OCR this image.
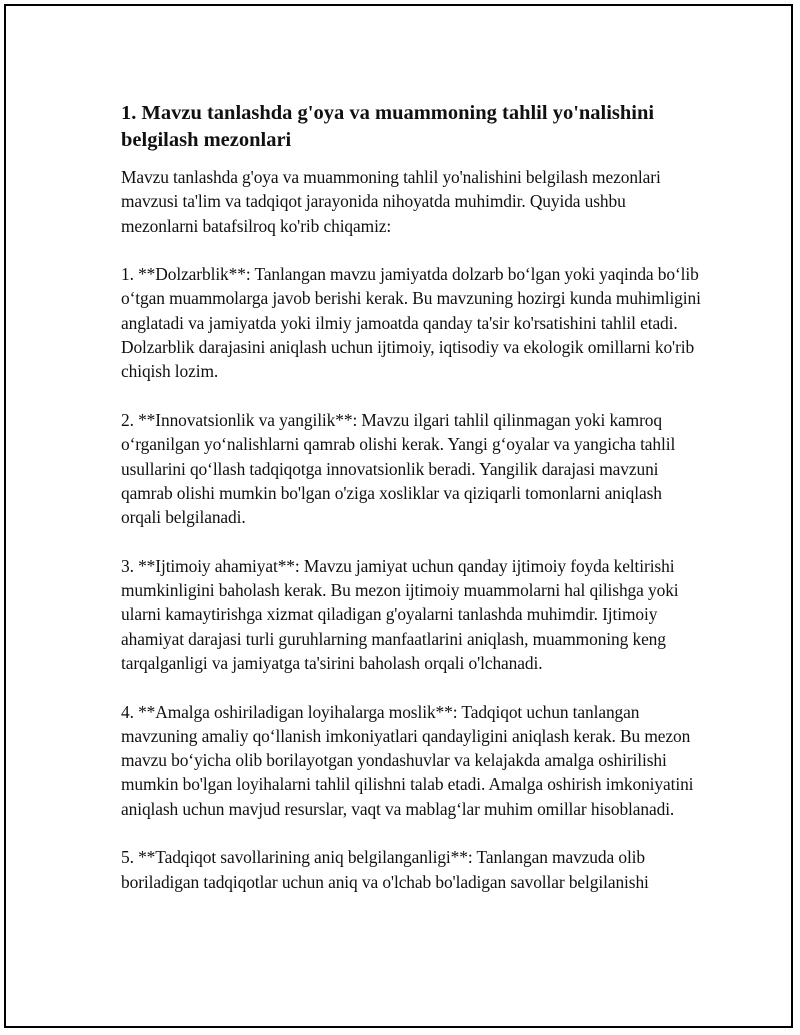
1. Mavzu tanlashda g'oya va muammoning tahlil yo'nalishini belgilash mezonlari

Mavzu tanlashda g'oya va muammoning tahlil yo'nalishini belgilash mezonlari mavzusi ta'lim va tadqiqot jarayonida nihoyatda muhimdir. Quyida ushbu mezonlarni batafsilroq ko'rib chiqamiz:

1. **Dolzarblik**: Tanlangan mavzu jamiyatda dolzarb bo‘lgan yoki yaqinda bo‘lib o‘tgan muammolarga javob berishi kerak. Bu mavzuning hozirgi kunda muhimligini anglatadi va jamiyatda yoki ilmiy jamoatda qanday ta'sir ko'rsatishini tahlil etadi. Dolzarblik darajasini aniqlash uchun ijtimoiy, iqtisodiy va ekologik omillarni ko'rib chiqish lozim.

2. **Innovatsionlik va yangilik**: Mavzu ilgari tahlil qilinmagan yoki kamroq o‘rganilgan yo‘nalishlarni qamrab olishi kerak. Yangi g‘oyalar va yangicha tahlil usullarini qo‘llash tadqiqotga innovatsionlik beradi. Yangilik darajasi mavzuni qamrab olishi mumkin bo'lgan o'ziga xosliklar va qiziqarli tomonlarni aniqlash orqali belgilanadi.

3. **Ijtimoiy ahamiyat**: Mavzu jamiyat uchun qanday ijtimoiy foyda keltirishi mumkinligini baholash kerak. Bu mezon ijtimoiy muammolarni hal qilishga yoki ularni kamaytirishga xizmat qiladigan g'oyalarni tanlashda muhimdir. Ijtimoiy ahamiyat darajasi turli guruhlarning manfaatlarini aniqlash, muammoning keng tarqalganligi va jamiyatga ta'sirini baholash orqali o'lchanadi.

4. **Amalga oshiriladigan loyihalarga moslik**: Tadqiqot uchun tanlangan mavzuning amaliy qo‘llanish imkoniyatlari qandayligini aniqlash kerak. Bu mezon mavzu bo‘yicha olib borilayotgan yondashuvlar va kelajakda amalga oshirilishi mumkin bo'lgan loyihalarni tahlil qilishni talab etadi. Amalga oshirish imkoniyatini aniqlash uchun mavjud resurslar, vaqt va mablag‘lar muhim omillar hisoblanadi.

5. **Tadqiqot savollarining aniq belgilanganligi**: Tanlangan mavzuda olib boriladigan tadqiqotlar uchun aniq va o'lchab bo'ladigan savollar belgilanishi
